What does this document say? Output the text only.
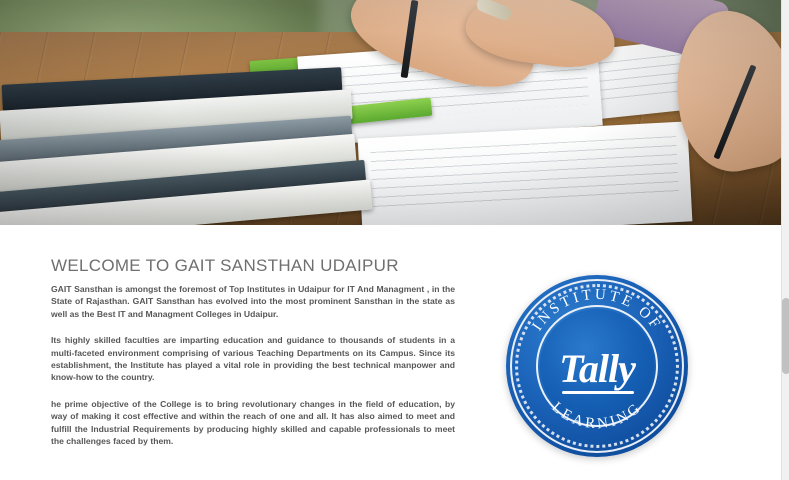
WELCOME TO GAIT SANSTHAN UDAIPUR

GAIT Sansthan is amongst the foremost of Top Institutes in Udaipur for IT And Managment , in the State of Rajasthan. GAIT Sansthan has evolved into the most prominent Sansthan in the state as well as the Best IT and Managment Colleges in Udaipur.

Its highly skilled faculties are imparting education and guidance to thousands of students in a multi-faceted environment comprising of various Teaching Departments on its Campus. Since its establishment, the Institute has played a vital role in providing the best technical manpower and know-how to the country.

he prime objective of the College is to bring revolutionary changes in the field of education, by way of making it cost effective and within the reach of one and all. It has also aimed to meet and fulfill the Industrial Requirements by producing highly skilled and capable professionals to meet the challenges faced by them.

INSTITUTE OF
LEARNING
Tally
